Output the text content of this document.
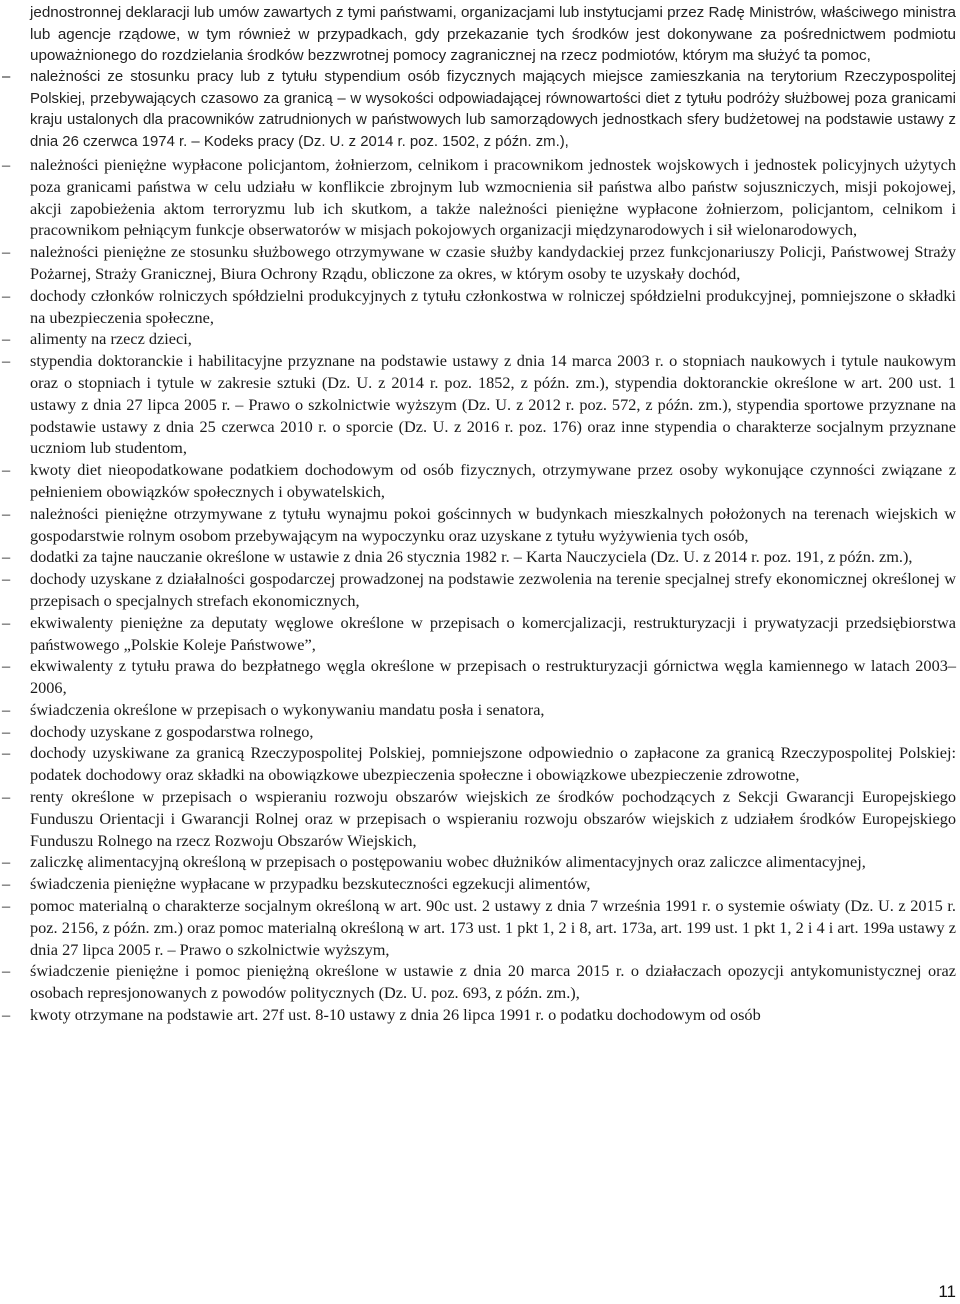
jednostronnej deklaracji lub umów zawartych z tymi państwami, organizacjami lub instytucjami przez Radę Ministrów, właściwego ministra lub agencje rządowe, w tym również w przypadkach, gdy przekazanie tych środków jest dokonywane za pośrednictwem podmiotu upoważnionego do rozdzielania środków bezzwrotnej pomocy zagranicznej na rzecz podmiotów, którym ma służyć ta pomoc,

– należności ze stosunku pracy lub z tytułu stypendium osób fizycznych mających miejsce zamieszkania na terytorium Rzeczypospolitej Polskiej, przebywających czasowo za granicą – w wysokości odpowiadającej równowartości diet z tytułu podróży służbowej poza granicami kraju ustalonych dla pracowników zatrudnionych w państwowych lub samorządowych jednostkach sfery budżetowej na podstawie ustawy z dnia 26 czerwca 1974 r. – Kodeks pracy (Dz. U. z 2014 r. poz. 1502, z późn. zm.),
– należności pieniężne wypłacone policjantom, żołnierzom, celnikom i pracownikom jednostek wojskowych i jednostek policyjnych użytych poza granicami państwa w celu udziału w konflikcie zbrojnym lub wzmocnienia sił państwa albo państw sojuszniczych, misji pokojowej, akcji zapobieżenia aktom terroryzmu lub ich skutkom, a także należności pieniężne wypłacone żołnierzom, policjantom, celnikom i pracownikom pełniącym funkcje obserwatorów w misjach pokojowych organizacji międzynarodowych i sił wielonarodowych,
– należności pieniężne ze stosunku służbowego otrzymywane w czasie służby kandydackiej przez funkcjonariuszy Policji, Państwowej Straży Pożarnej, Straży Granicznej, Biura Ochrony Rządu, obliczone za okres, w którym osoby te uzyskały dochód,
– dochody członków rolniczych spółdzielni produkcyjnych z tytułu członkostwa w rolniczej spółdzielni produkcyjnej, pomniejszone o składki na ubezpieczenia społeczne,
– alimenty na rzecz dzieci,
– stypendia doktoranckie i habilitacyjne przyznane na podstawie ustawy z dnia 14 marca 2003 r. o stopniach naukowych i tytule naukowym oraz o stopniach i tytule w zakresie sztuki (Dz. U. z 2014 r. poz. 1852, z późn. zm.), stypendia doktoranckie określone w art. 200 ust. 1 ustawy z dnia 27 lipca 2005 r. – Prawo o szkolnictwie wyższym (Dz. U. z 2012 r. poz. 572, z późn. zm.), stypendia sportowe przyznane na podstawie ustawy z dnia 25 czerwca 2010 r. o sporcie (Dz. U. z 2016 r. poz. 176) oraz inne stypendia o charakterze socjalnym przyznane uczniom lub studentom,
– kwoty diet nieopodatkowane podatkiem dochodowym od osób fizycznych, otrzymywane przez osoby wykonujące czynności związane z pełnieniem obowiązków społecznych i obywatelskich,
– należności pieniężne otrzymywane z tytułu wynajmu pokoi gościnnych w budynkach mieszkalnych położonych na terenach wiejskich w gospodarstwie rolnym osobom przebywającym na wypoczynku oraz uzyskane z tytułu wyżywienia tych osób,
– dodatki za tajne nauczanie określone w ustawie z dnia 26 stycznia 1982 r. – Karta Nauczyciela (Dz. U. z 2014 r. poz. 191, z późn. zm.),
– dochody uzyskane z działalności gospodarczej prowadzonej na podstawie zezwolenia na terenie specjalnej strefy ekonomicznej określonej w przepisach o specjalnych strefach ekonomicznych,
– ekwiwalenty pieniężne za deputaty węglowe określone w przepisach o komercjalizacji, restrukturyzacji i prywatyzacji przedsiębiorstwa państwowego „Polskie Koleje Państwowe”,
– ekwiwalenty z tytułu prawa do bezpłatnego węgla określone w przepisach o restrukturyzacji górnictwa węgla kamiennego w latach 2003–2006,
– świadczenia określone w przepisach o wykonywaniu mandatu posła i senatora,
– dochody uzyskane z gospodarstwa rolnego,
– dochody uzyskiwane za granicą Rzeczypospolitej Polskiej, pomniejszone odpowiednio o zapłacone za granicą Rzeczypospolitej Polskiej: podatek dochodowy oraz składki na obowiązkowe ubezpieczenia społeczne i obowiązkowe ubezpieczenie zdrowotne,
– renty określone w przepisach o wspieraniu rozwoju obszarów wiejskich ze środków pochodzących z Sekcji Gwarancji Europejskiego Funduszu Orientacji i Gwarancji Rolnej oraz w przepisach o wspieraniu rozwoju obszarów wiejskich z udziałem środków Europejskiego Funduszu Rolnego na rzecz Rozwoju Obszarów Wiejskich,
– zaliczkę alimentacyjną określoną w przepisach o postępowaniu wobec dłużników alimentacyjnych oraz zaliczce alimentacyjnej,
– świadczenia pieniężne wypłacane w przypadku bezskuteczności egzekucji alimentów,
– pomoc materialną o charakterze socjalnym określoną w art. 90c ust. 2 ustawy z dnia 7 września 1991 r. o systemie oświaty (Dz. U. z 2015 r. poz. 2156, z późn. zm.) oraz pomoc materialną określoną w art. 173 ust. 1 pkt 1, 2 i 8, art. 173a, art. 199 ust. 1 pkt 1, 2 i 4 i art. 199a ustawy z dnia 27 lipca 2005 r. – Prawo o szkolnictwie wyższym,
– świadczenie pieniężne i pomoc pieniężną określone w ustawie z dnia 20 marca 2015 r. o działaczach opozycji antykomunistycznej oraz osobach represjonowanych z powodów politycznych (Dz. U. poz. 693, z późn. zm.),
– kwoty otrzymane na podstawie art. 27f ust. 8-10 ustawy z dnia 26 lipca 1991 r. o podatku dochodowym od osób
11
